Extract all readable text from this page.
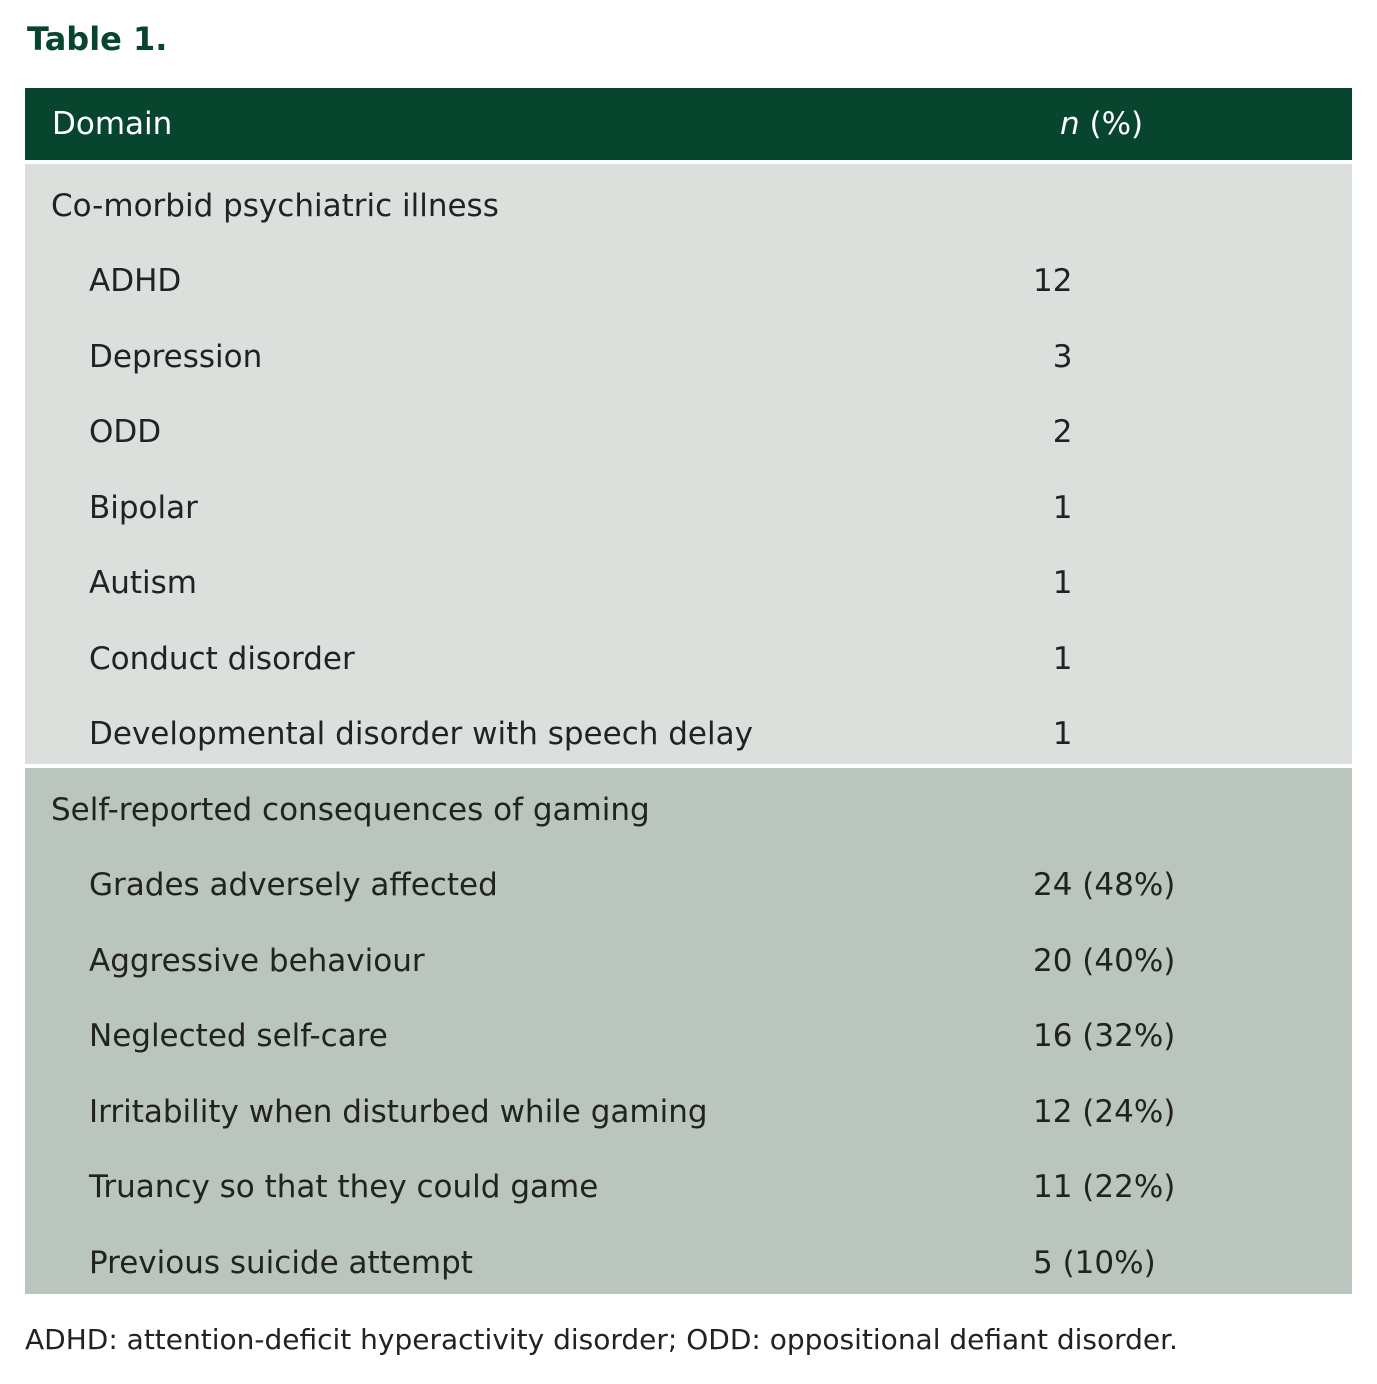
Table 1.
Domain	n (%)
Co-morbid psychiatric illness
ADHD	12
Depression	3
ODD	2
Bipolar	1
Autism	1
Conduct disorder	1
Developmental disorder with speech delay	1
Self-reported consequences of gaming
Grades adversely affected	24 (48%)
Aggressive behaviour	20 (40%)
Neglected self-care	16 (32%)
Irritability when disturbed while gaming	12 (24%)
Truancy so that they could game	11 (22%)
Previous suicide attempt	5 (10%)

ADHD: attention-deficit hyperactivity disorder; ODD: oppositional defiant disorder.
